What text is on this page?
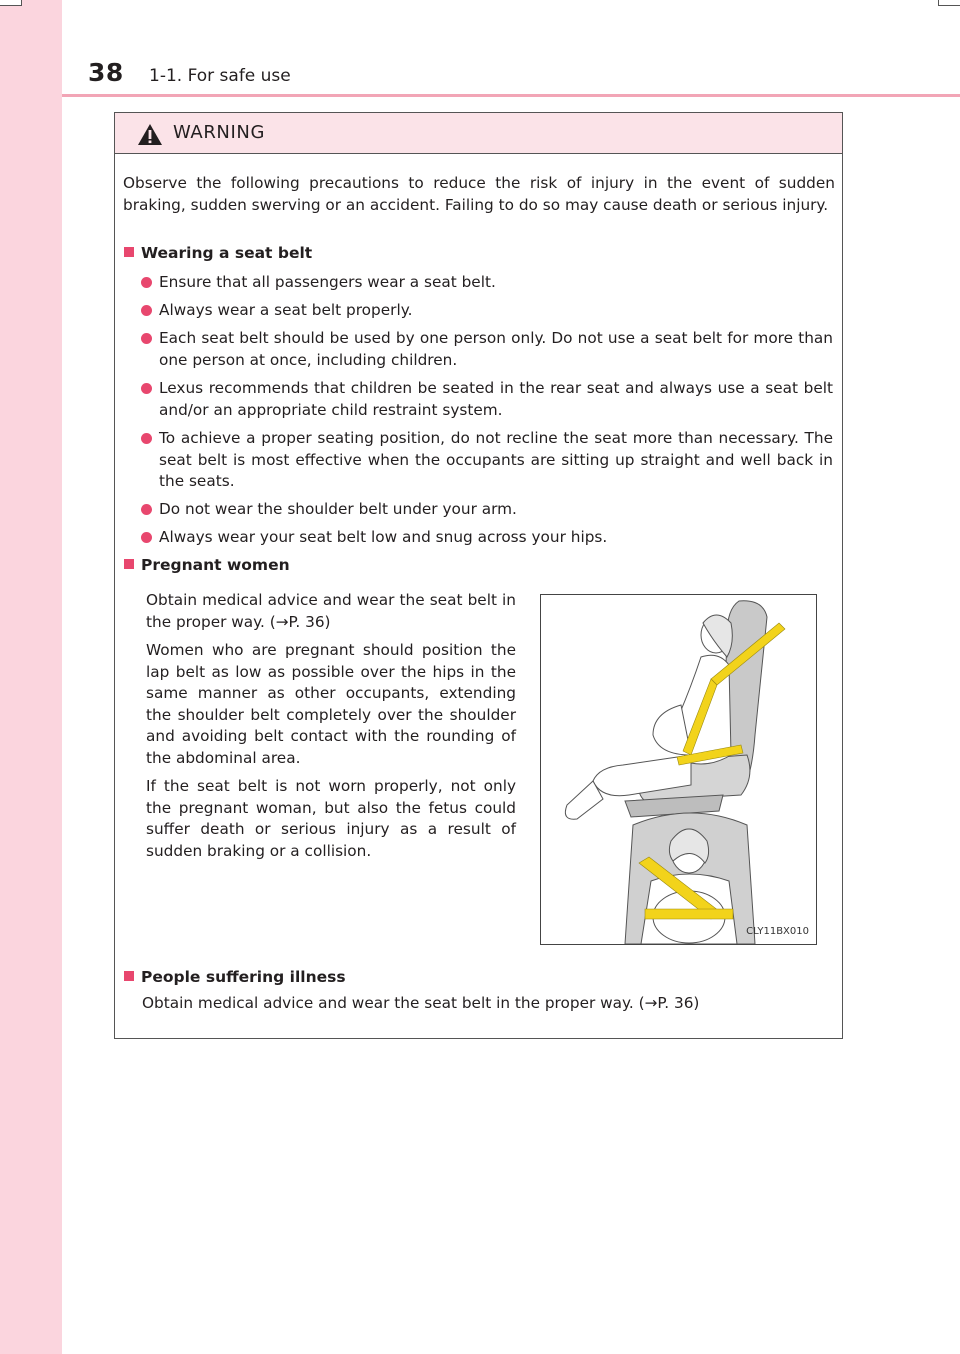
38 1-1. For safe use
WARNING
Observe the following precautions to reduce the risk of injury in the event of sudden braking, sudden swerving or an accident. Failing to do so may cause death or serious injury.
Wearing a seat belt
Ensure that all passengers wear a seat belt.
Always wear a seat belt properly.
Each seat belt should be used by one person only. Do not use a seat belt for more than one person at once, including children.
Lexus recommends that children be seated in the rear seat and always use a seat belt and/or an appropriate child restraint system.
To achieve a proper seating position, do not recline the seat more than necessary. The seat belt is most effective when the occupants are sitting up straight and well back in the seats.
Do not wear the shoulder belt under your arm.
Always wear your seat belt low and snug across your hips.
Pregnant women

Obtain medical advice and wear the seat belt in the proper way. (→P. 36)

Women who are pregnant should position the lap belt as low as possible over the hips in the same manner as other occupants, extending the shoulder belt completely over the shoulder and avoiding belt contact with the rounding of the abdominal area.

If the seat belt is not worn properly, not only the pregnant woman, but also the fetus could suffer death or serious injury as a result of sudden braking or a collision.

CLY11BX010
People suffering illness
Obtain medical advice and wear the seat belt in the proper way. (→P. 36)
